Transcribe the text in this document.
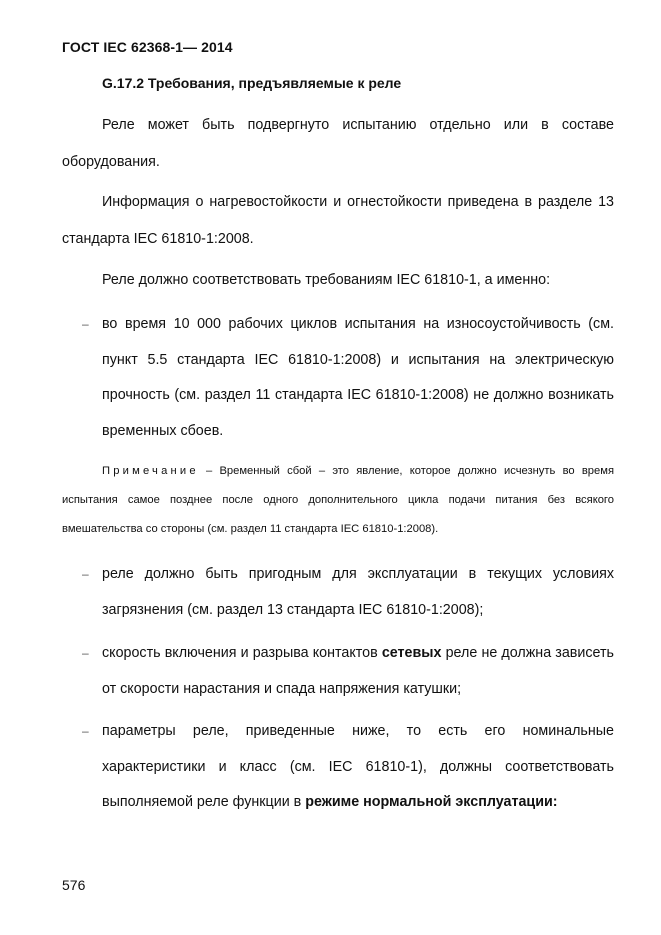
ГОСТ IEC 62368-1— 2014
G.17.2 Требования, предъявляемые к реле

Реле может быть подвергнуто испытанию отдельно или в составе оборудования.

Информация о нагревостойкости и огнестойкости приведена в разделе 13 стандарта IEC 61810-1:2008.

Реле должно соответствовать требованиям IEC 61810-1, а именно:

– во время 10 000 рабочих циклов испытания на износоустойчивость (см. пункт 5.5 стандарта IEC 61810-1:2008) и испытания на электрическую прочность (см. раздел 11 стандарта IEC 61810-1:2008) не должно возникать временных сбоев.

Примечание – Временный сбой – это явление, которое должно исчезнуть во время испытания самое позднее после одного дополнительного цикла подачи питания без всякого вмешательства со стороны (см. раздел 11 стандарта IEC 61810-1:2008).

– реле должно быть пригодным для эксплуатации в текущих условиях загрязнения (см. раздел 13 стандарта IEC 61810-1:2008);
– скорость включения и разрыва контактов сетевых реле не должна зависеть от скорости нарастания и спада напряжения катушки;
– параметры реле, приведенные ниже, то есть его номинальные характеристики и класс (см. IEC 61810-1), должны соответствовать выполняемой реле функции в режиме нормальной эксплуатации:
576
